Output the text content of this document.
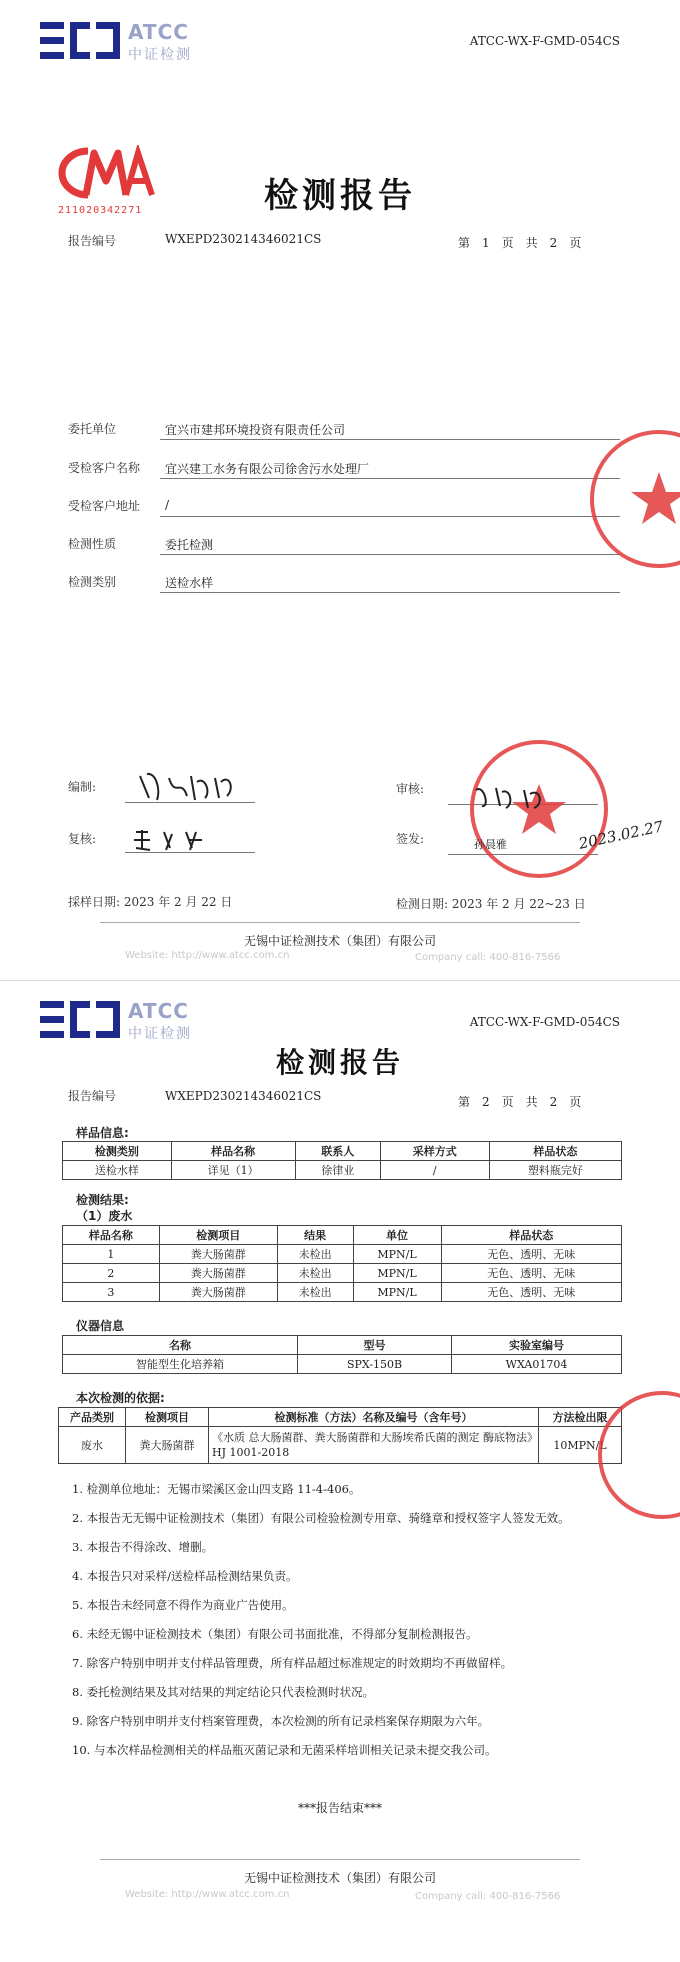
ATCC
中证检测
ATCC-WX-F-GMD-054CS
211020342271	检测报告
报告编号	WXEPD230214346021CS	第　1　页　共　2　页
委托单位	宜兴市建邦环境投资有限责任公司
受检客户名称 宜兴建工水务有限公司徐舍污水处理厂
受检客户地址 /
检测性质	委托检测
检测类别	送检水样
编制:
复核:
审核:
签发:	孙晨雅	2023.02.27
採样日期: 2023 年 2 月 22 日	检测日期: 2023 年 2 月 22~23 日
无锡中证检测技术（集团）有限公司
Website: http://www.atcc.com.cn	Company call: 400-816-7566
ATCC
中证检测
ATCC-WX-F-GMD-054CS
检测报告
报告编号	WXEPD230214346021CS	第　2　页　共　2　页
样品信息:
检测类别	样品名称	联系人	采样方式	样品状态
送检水样	详见（1）	徐律业	/	塑料瓶完好
检测结果:
（1）废水
样品名称	检测项目	结果	单位	样品状态
1	粪大肠菌群	未检出	MPN/L	无色、透明、无味
2	粪大肠菌群	未检出	MPN/L	无色、透明、无味
3	粪大肠菌群	未检出	MPN/L	无色、透明、无味
仪器信息
名称	型号	实验室编号
智能型生化培养箱	SPX-150B	WXA01704
本次检测的依据:
产品类别	检测项目	检测标准（方法）名称及编号（含年号）	方法检出限
废水	粪大肠菌群	《水质 总大肠菌群、粪大肠菌群和大肠埃希氏菌的测定 酶底物法》HJ 1001-2018	10MPN/L
1. 检测单位地址：无锡市梁溪区金山四支路 11-4-406。
2. 本报告无无锡中证检测技术（集团）有限公司检验检测专用章、骑缝章和授权签字人签发无效。
3. 本报告不得涂改、增删。
4. 本报告只对采样/送检样品检测结果负责。
5. 本报告未经同意不得作为商业广告使用。
6. 未经无锡中证检测技术（集团）有限公司书面批准，不得部分复制检测报告。
7. 除客户特别申明并支付样品管理费，所有样品超过标准规定的时效期均不再做留样。
8. 委托检测结果及其对结果的判定结论只代表检测时状况。
9. 除客户特别申明并支付档案管理费，本次检测的所有记录档案保存期限为六年。
10. 与本次样品检测相关的样品瓶灭菌记录和无菌采样培训相关记录未提交我公司。
***报告结束***
无锡中证检测技术（集团）有限公司
Website: http://www.atcc.com.cn	Company call: 400-816-7566
